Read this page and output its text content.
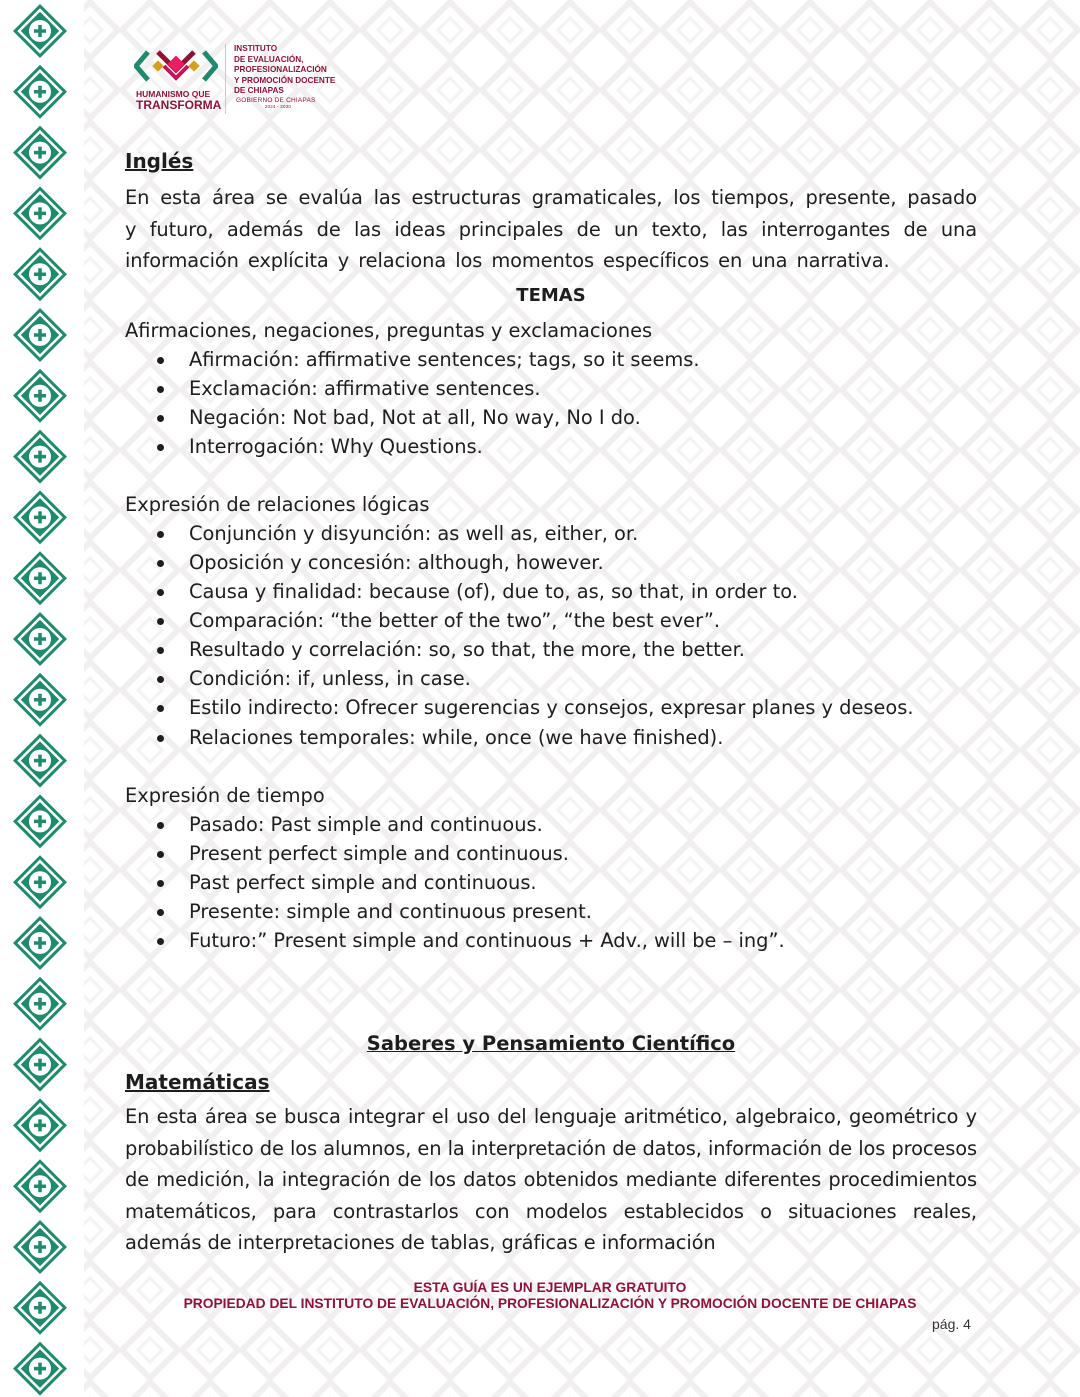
HUMANISMO QUE
TRANSFORMA
INSTITUTO
DE EVALUACIÓN,
PROFESIONALIZACIÓN
Y PROMOCIÓN DOCENTE
DE CHIAPAS
GOBIERNO DE CHIAPAS
2024 - 2030
Inglés

En esta área se evalúa las estructuras gramaticales, los tiempos, presente, pasado y futuro, además de las ideas principales de un texto, las interrogantes de una información explícita y relaciona los momentos específicos en una narrativa.

TEMAS

Afirmaciones, negaciones, preguntas y exclamaciones

Afirmación: affirmative sentences; tags, so it seems.
Exclamación: affirmative sentences.
Negación: Not bad, Not at all, No way, No I do.
Interrogación: Why Questions.

Expresión de relaciones lógicas

Conjunción y disyunción: as well as, either, or.
Oposición y concesión: although, however.
Causa y finalidad: because (of), due to, as, so that, in order to.
Comparación: “the better of the two”, “the best ever”.
Resultado y correlación: so, so that, the more, the better.
Condición: if, unless, in case.
Estilo indirecto: Ofrecer sugerencias y consejos, expresar planes y deseos.
Relaciones temporales: while, once (we have finished).

Expresión de tiempo

Pasado: Past simple and continuous.
Present perfect simple and continuous.
Past perfect simple and continuous.
Presente: simple and continuous present.
Futuro:” Present simple and continuous + Adv., will be – ing”.
Saberes y Pensamiento Científico
Matemáticas

En esta área se busca integrar el uso del lenguaje aritmético, algebraico, geométrico y probabilístico de los alumnos, en la interpretación de datos, información de los procesos de medición, la integración de los datos obtenidos mediante diferentes procedimientos matemáticos, para contrastarlos con modelos establecidos o situaciones reales, además de interpretaciones de tablas, gráficas e información

ESTA GUÍA ES UN EJEMPLAR GRATUITO
PROPIEDAD DEL INSTITUTO DE EVALUACIÓN, PROFESIONALIZACIÓN Y PROMOCIÓN DOCENTE DE CHIAPAS
pág. 4
